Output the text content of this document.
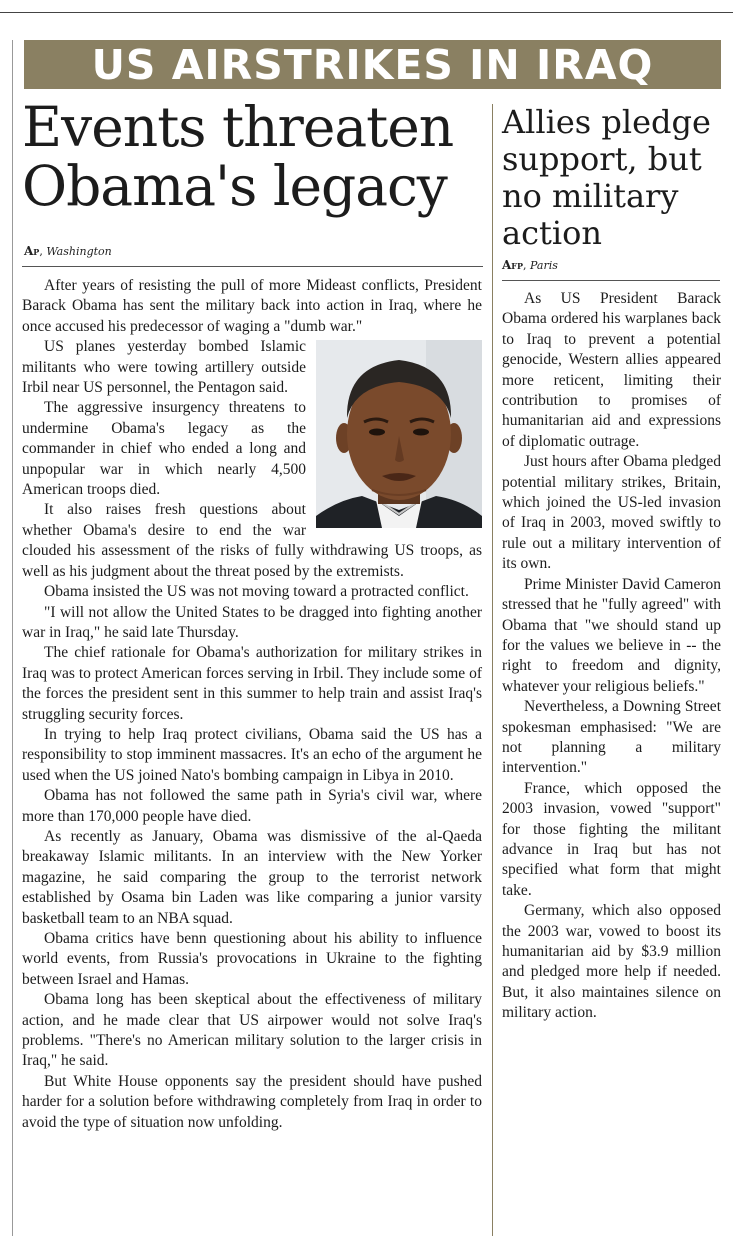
US AIRSTRIKES IN IRAQ
Events threaten Obama's legacy
Ap, Washington

After years of resisting the pull of more Mideast conflicts, President Barack Obama has sent the military back into action in Iraq, where he once accused his predecessor of waging a "dumb war."

US planes yesterday bombed Islamic militants who were towing artillery outside Irbil near US personnel, the Pentagon said.

The aggressive insurgency threatens to undermine Obama's legacy as the commander in chief who ended a long and unpopular war in which nearly 4,500 American troops died.

It also raises fresh questions about whether Obama's desire to end the war clouded his assessment of the risks of fully withdrawing US troops, as well as his judgment about the threat posed by the extremists.

Obama insisted the US was not moving toward a protracted conflict.

"I will not allow the United States to be dragged into fighting another war in Iraq," he said late Thursday.

The chief rationale for Obama's authorization for military strikes in Iraq was to protect American forces serving in Irbil. They include some of the forces the president sent in this summer to help train and assist Iraq's struggling security forces.

In trying to help Iraq protect civilians, Obama said the US has a responsibility to stop imminent massacres. It's an echo of the argument he used when the US joined Nato's bombing campaign in Libya in 2010.

Obama has not followed the same path in Syria's civil war, where more than 170,000 people have died.

As recently as January, Obama was dismissive of the al-Qaeda breakaway Islamic militants. In an interview with the New Yorker magazine, he said comparing the group to the terrorist network established by Osama bin Laden was like comparing a junior varsity basketball team to an NBA squad.

Obama critics have benn questioning about his ability to influence world events, from Russia's provocations in Ukraine to the fighting between Israel and Hamas.

Obama long has been skeptical about the effectiveness of military action, and he made clear that US airpower would not solve Iraq's problems. "There's no American military solution to the larger crisis in Iraq," he said.

But White House opponents say the president should have pushed harder for a solution before withdrawing completely from Iraq in order to avoid the type of situation now unfolding.

Allies pledge support, but no military action
Afp, Paris

As US President Barack Obama ordered his warplanes back to Iraq to prevent a potential genocide, Western allies appeared more reticent, limiting their contribution to promises of humanitarian aid and expressions of diplomatic outrage.

Just hours after Obama pledged potential military strikes, Britain, which joined the US-led invasion of Iraq in 2003, moved swiftly to rule out a military intervention of its own.

Prime Minister David Cameron stressed that he "fully agreed" with Obama that "we should stand up for the values we believe in -- the right to freedom and dignity, whatever your religious beliefs."

Nevertheless, a Downing Street spokesman emphasised: "We are not planning a military intervention."

France, which opposed the 2003 invasion, vowed "support" for those fighting the militant advance in Iraq but has not specified what form that might take.

Germany, which also opposed the 2003 war, vowed to boost its humanitarian aid by $3.9 million and pledged more help if needed. But, it also maintaines silence on military action.
